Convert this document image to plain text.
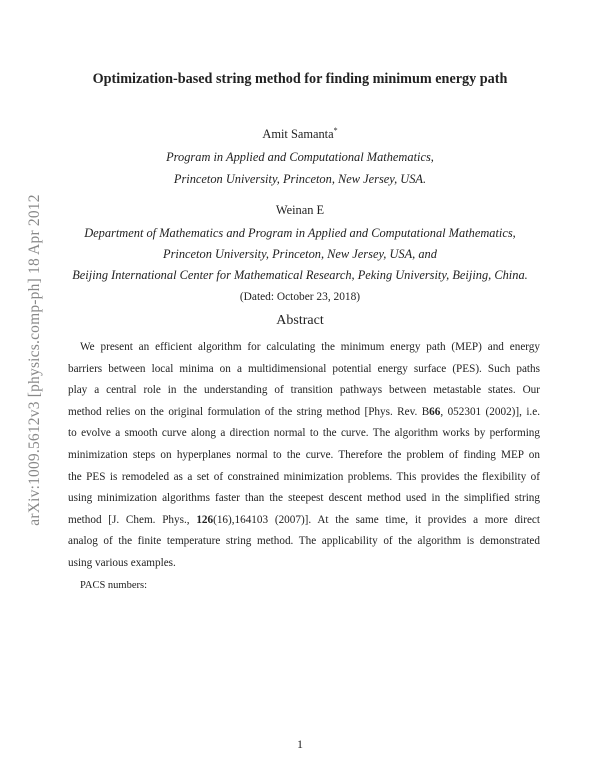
arXiv:1009.5612v3 [physics.comp-ph] 18 Apr 2012
Optimization-based string method for finding minimum energy path
Amit Samanta*
Program in Applied and Computational Mathematics,
Princeton University, Princeton, New Jersey, USA.
Weinan E
Department of Mathematics and Program in Applied and Computational Mathematics,
Princeton University, Princeton, New Jersey, USA, and
Beijing International Center for Mathematical Research, Peking University, Beijing, China.
(Dated: October 23, 2018)
Abstract
We present an efficient algorithm for calculating the minimum energy path (MEP) and energy
barriers between local minima on a multidimensional potential energy surface (PES). Such paths
play a central role in the understanding of transition pathways between metastable states. Our
method relies on the original formulation of the string method [Phys. Rev. B66, 052301 (2002)], i.e.
to evolve a smooth curve along a direction normal to the curve. The algorithm works by performing
minimization steps on hyperplanes normal to the curve. Therefore the problem of finding MEP on
the PES is remodeled as a set of constrained minimization problems. This provides the flexibility of
using minimization algorithms faster than the steepest descent method used in the simplified string
method [J. Chem. Phys., 126(16),164103 (2007)]. At the same time, it provides a more direct
analog of the finite temperature string method. The applicability of the algorithm is demonstrated
using various examples.
PACS numbers:
1
